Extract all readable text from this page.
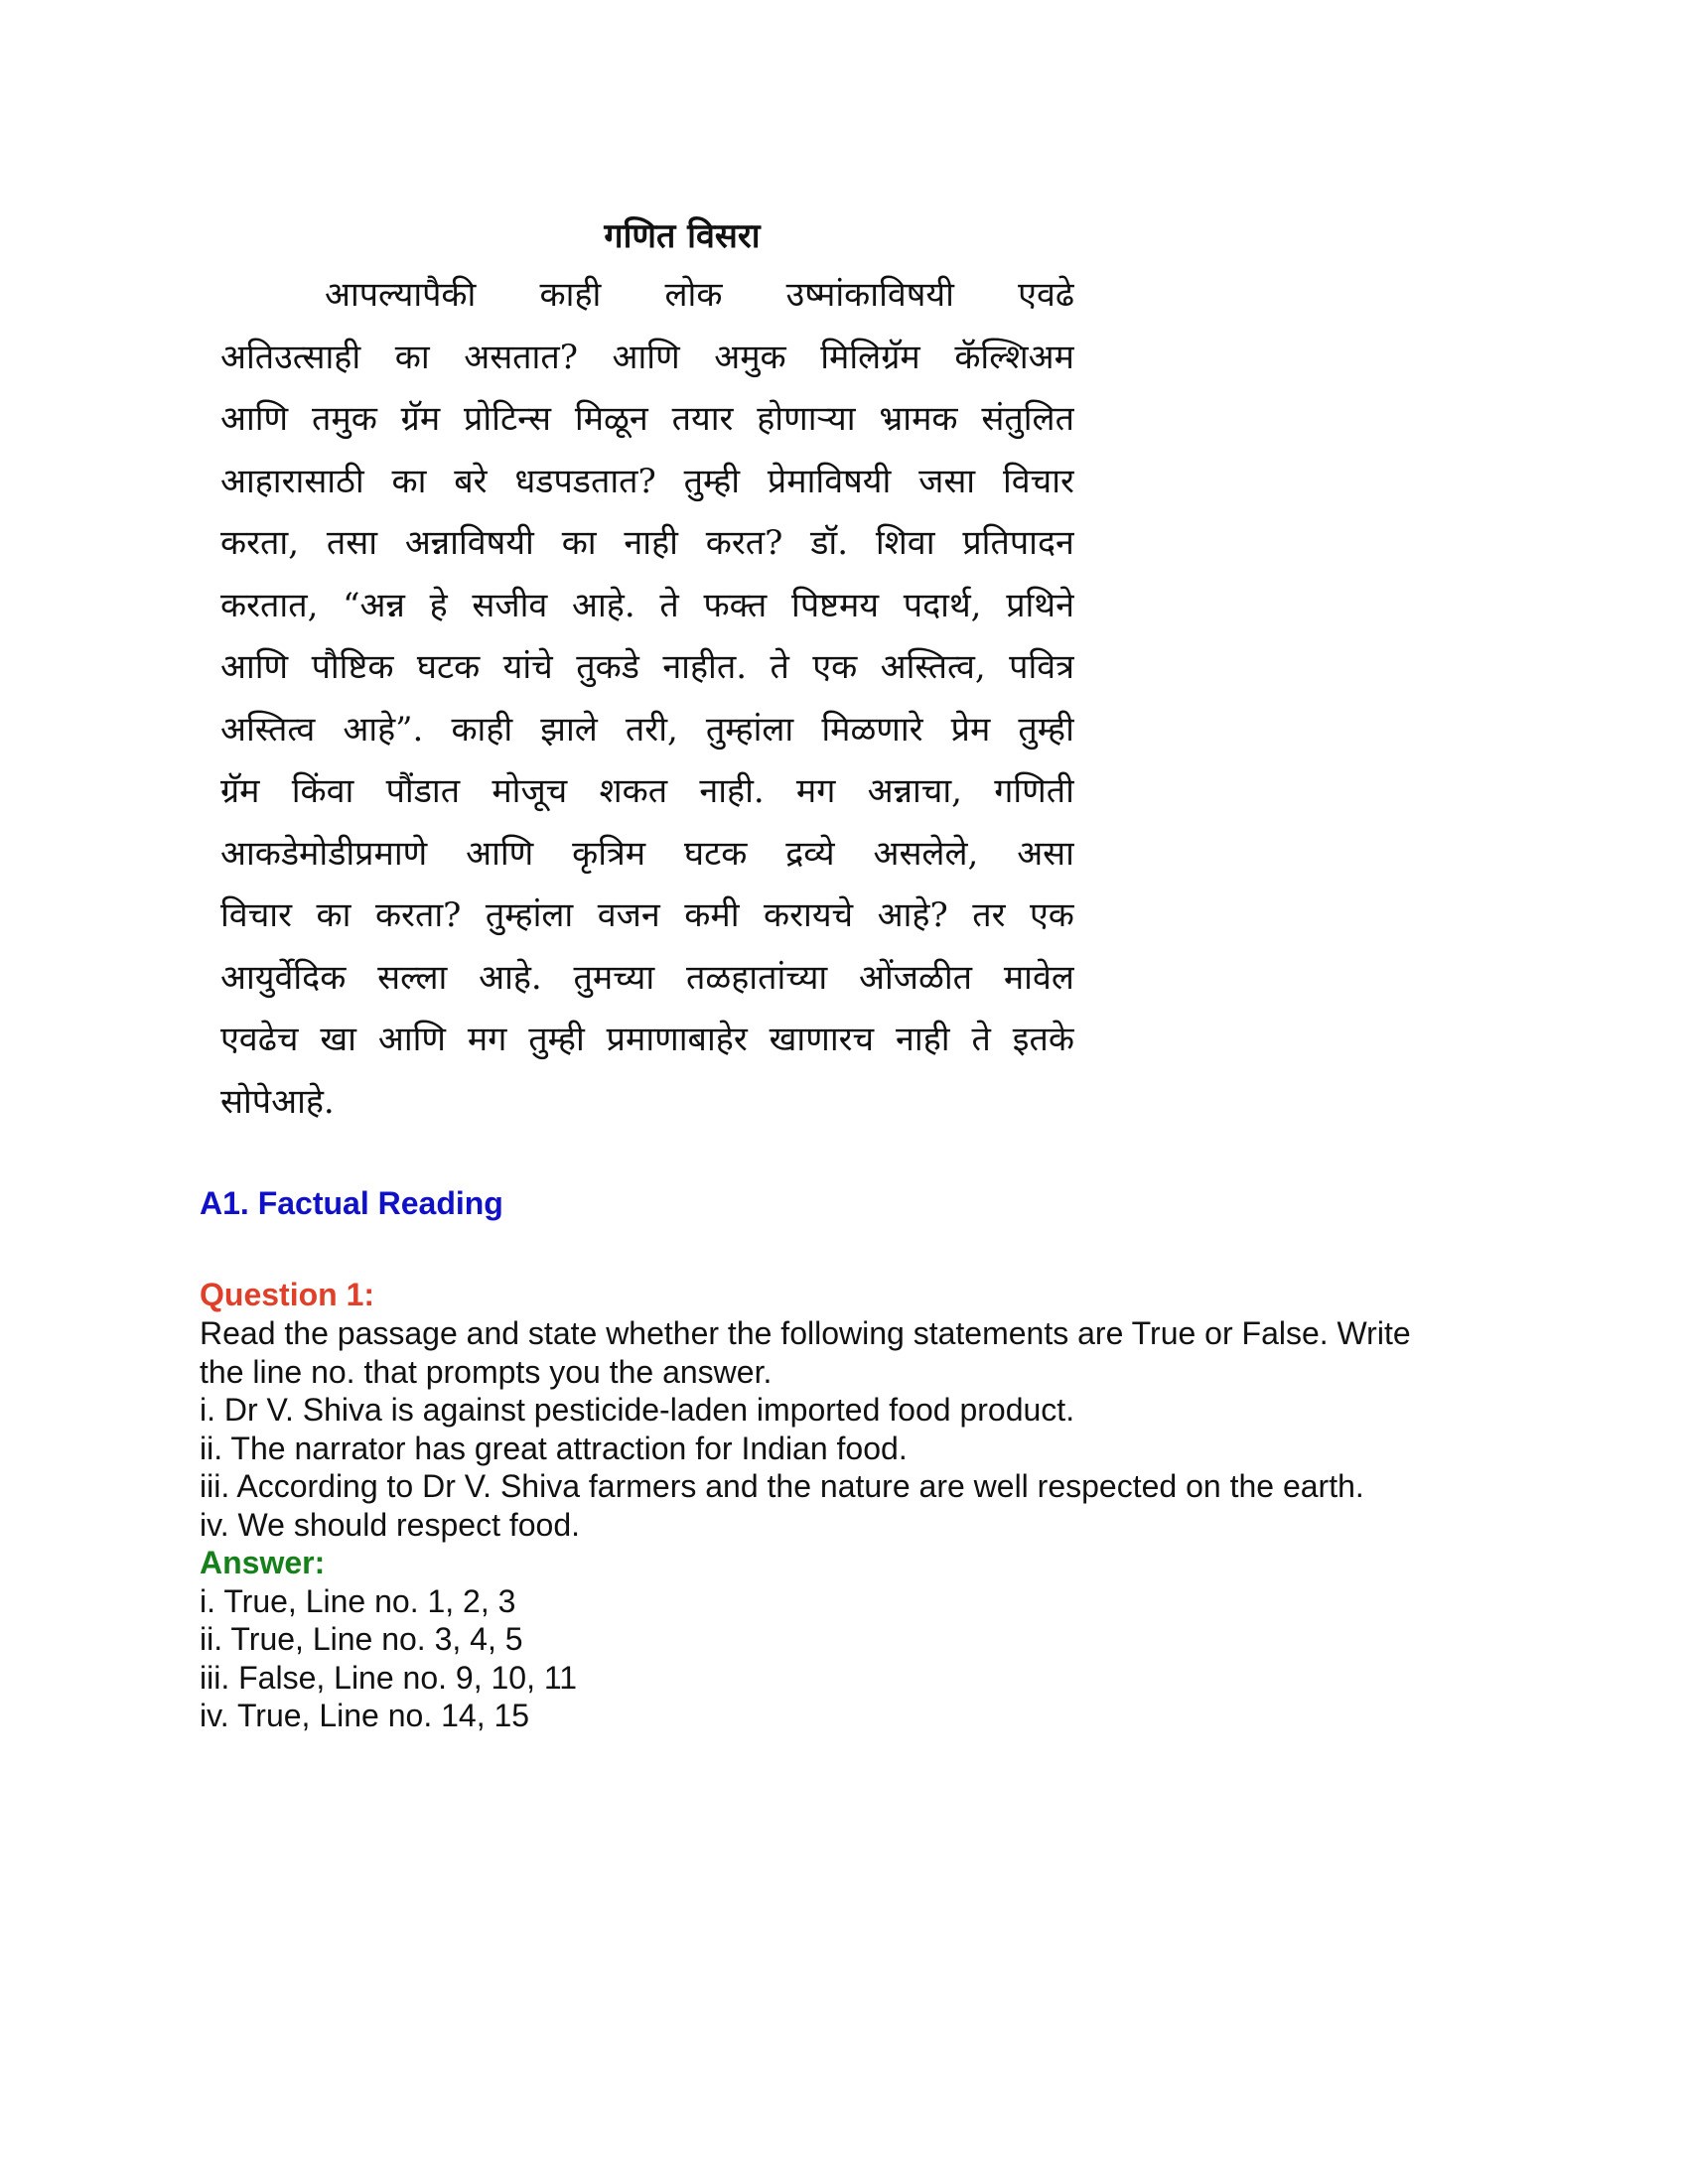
गणित विसरा
आपल्यापैकी काही लोक उष्मांकाविषयी एवढे
अतिउत्साही का असतात? आणि अमुक मिलिग्रॅम कॅल्शिअम
आणि तमुक ग्रॅम प्रोटिन्स मिळून तयार होणाऱ्या भ्रामक संतुलित
आहारासाठी का बरे धडपडतात? तुम्ही प्रेमाविषयी जसा विचार
करता, तसा अन्नाविषयी का नाही करत? डॉ. शिवा प्रतिपादन
करतात, “अन्न हे सजीव आहे. ते फक्त पिष्टमय पदार्थ, प्रथिने
आणि पौष्टिक घटक यांचे तुकडे नाहीत. ते एक अस्तित्व, पवित्र
अस्तित्व आहे”. काही झाले तरी, तुम्हांला मिळणारे प्रेम तुम्ही
ग्रॅम किंवा पौंडात मोजूच शकत नाही. मग अन्नाचा, गणिती
आकडेमोडीप्रमाणे आणि कृत्रिम घटक द्रव्ये असलेले, असा
विचार का करता? तुम्हांला वजन कमी करायचे आहे? तर एक
आयुर्वेदिक सल्ला आहे. तुमच्या तळहातांच्या ओंजळीत मावेल
एवढेच खा आणि मग तुम्ही प्रमाणाबाहेर खाणारच नाही ते इतके
सोपे आहे.

A1. Factual Reading

Question 1:

Read the passage and state whether the following statements are True or False. Write

the line no. that prompts you the answer.

i. Dr V. Shiva is against pesticide-laden imported food product.

ii. The narrator has great attraction for Indian food.

iii. According to Dr V. Shiva farmers and the nature are well respected on the earth.

iv. We should respect food.

Answer:

i. True, Line no. 1, 2, 3

ii. True, Line no. 3, 4, 5

iii. False, Line no. 9, 10, 11

iv. True, Line no. 14, 15
